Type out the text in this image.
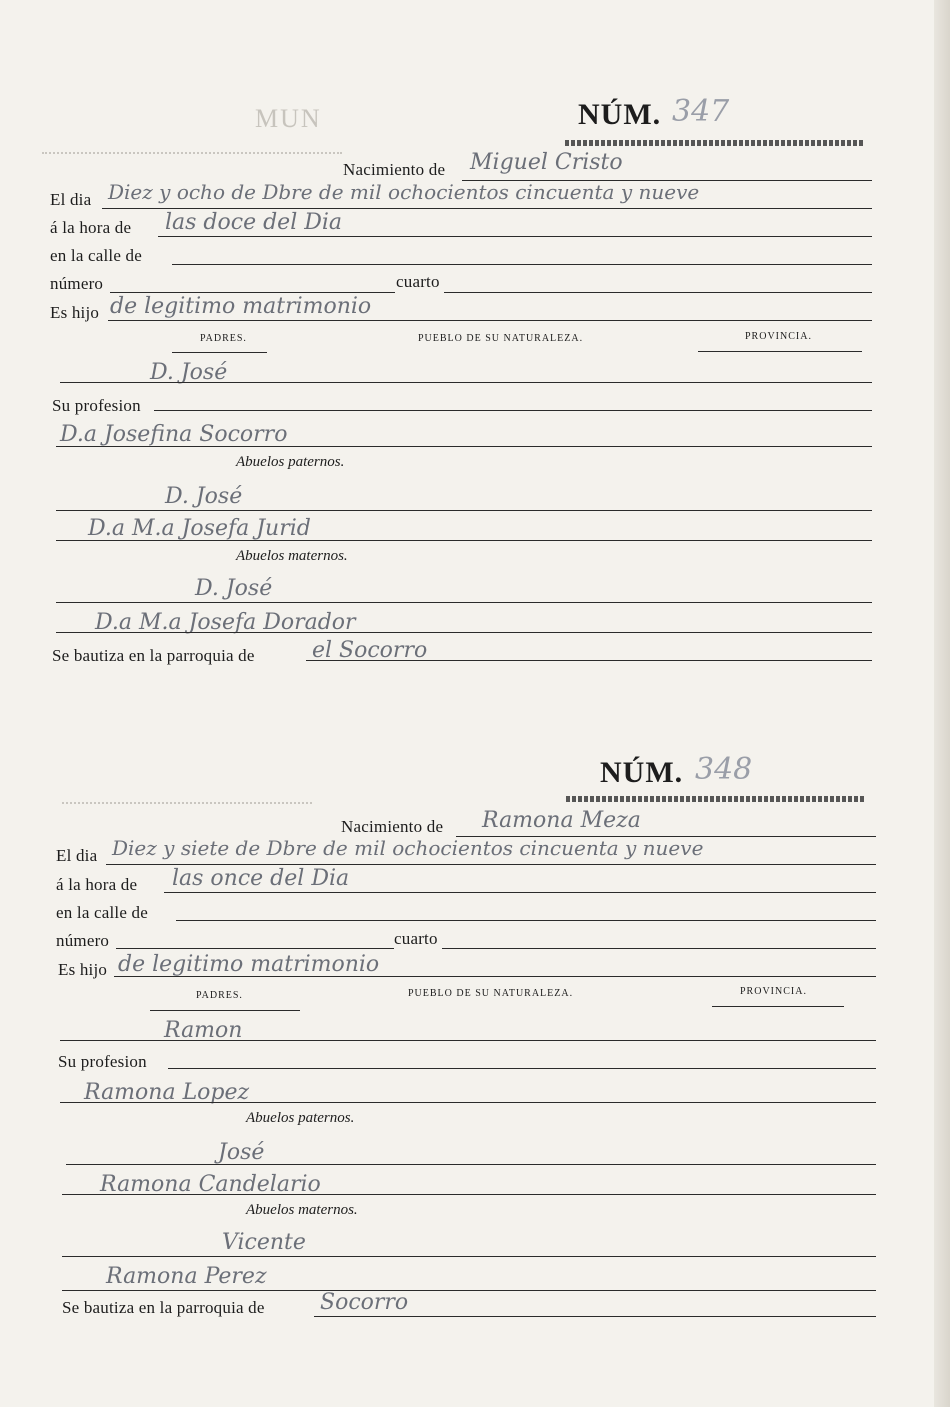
MUN	NÚM. 347
Nacimiento de Miguel Cristo
El dia Diez y ocho de Dbre de mil ochocientos cincuenta y nueve
á la hora de las doce del Dia
en la calle de
número	cuarto
Es hijo de legitimo matrimonio
PADRES.	PUEBLO DE SU NATURALEZA.	PROVINCIA.
D. José
Su profesion
D.a Josefina Socorro
Abuelos paternos.
D. José
D.a M.a Josefa Jurid
Abuelos maternos.
D. José
D.a M.a Josefa Dorador
Se bautiza en la parroquia de	el Socorro
NÚM. 348
Nacimiento de Ramona Meza
El dia Diez y siete de Dbre de mil ochocientos cincuenta y nueve
á la hora de las once del Dia
en la calle de
número	cuarto
Es hijo de legitimo matrimonio
PADRES.	PUEBLO DE SU NATURALEZA.	PROVINCIA.
Ramon
Su profesion
Ramona Lopez
Abuelos paternos.
José
Ramona Candelario
Abuelos maternos.
Vicente
Ramona Perez
Se bautiza en la parroquia de	Socorro
